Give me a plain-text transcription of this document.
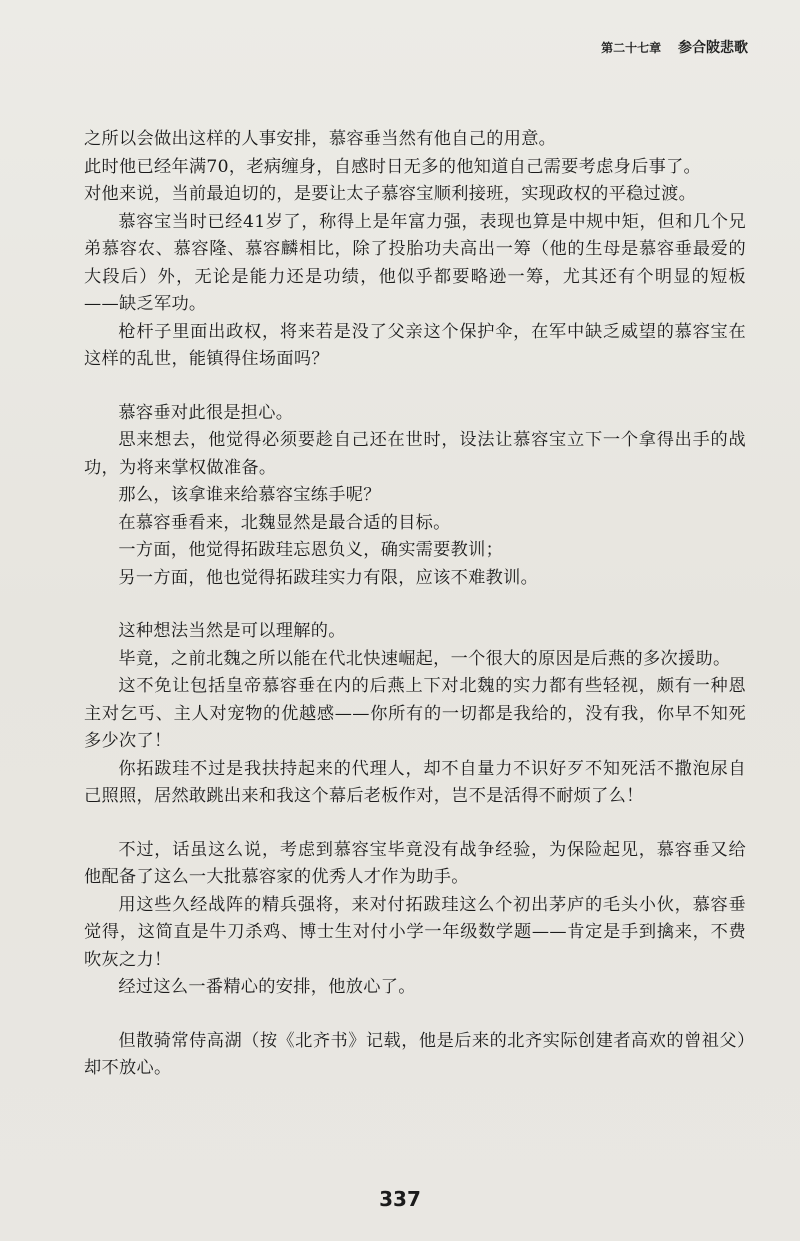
第二十七章 参合陂悲歌

之所以会做出这样的人事安排，慕容垂当然有他自己的用意。

此时他已经年满70，老病缠身，自感时日无多的他知道自己需要考虑身后事了。

对他来说，当前最迫切的，是要让太子慕容宝顺利接班，实现政权的平稳过渡。

慕容宝当时已经41岁了，称得上是年富力强，表现也算是中规中矩，但和几个兄弟慕容农、慕容隆、慕容麟相比，除了投胎功夫高出一筹（他的生母是慕容垂最爱的大段后）外，无论是能力还是功绩，他似乎都要略逊一筹，尤其还有个明显的短板——缺乏军功。

枪杆子里面出政权，将来若是没了父亲这个保护伞，在军中缺乏威望的慕容宝在这样的乱世，能镇得住场面吗？

慕容垂对此很是担心。

思来想去，他觉得必须要趁自己还在世时，设法让慕容宝立下一个拿得出手的战功，为将来掌权做准备。

那么，该拿谁来给慕容宝练手呢？

在慕容垂看来，北魏显然是最合适的目标。

一方面，他觉得拓跋珪忘恩负义，确实需要教训；

另一方面，他也觉得拓跋珪实力有限，应该不难教训。

这种想法当然是可以理解的。

毕竟，之前北魏之所以能在代北快速崛起，一个很大的原因是后燕的多次援助。

这不免让包括皇帝慕容垂在内的后燕上下对北魏的实力都有些轻视，颇有一种恩主对乞丐、主人对宠物的优越感——你所有的一切都是我给的，没有我，你早不知死多少次了！

你拓跋珪不过是我扶持起来的代理人，却不自量力不识好歹不知死活不撒泡尿自己照照，居然敢跳出来和我这个幕后老板作对，岂不是活得不耐烦了么！

不过，话虽这么说，考虑到慕容宝毕竟没有战争经验，为保险起见，慕容垂又给他配备了这么一大批慕容家的优秀人才作为助手。

用这些久经战阵的精兵强将，来对付拓跋珪这么个初出茅庐的毛头小伙，慕容垂觉得，这简直是牛刀杀鸡、博士生对付小学一年级数学题——肯定是手到擒来，不费吹灰之力！

经过这么一番精心的安排，他放心了。

但散骑常侍高湖（按《北齐书》记载，他是后来的北齐实际创建者高欢的曾祖父）却不放心。

337
